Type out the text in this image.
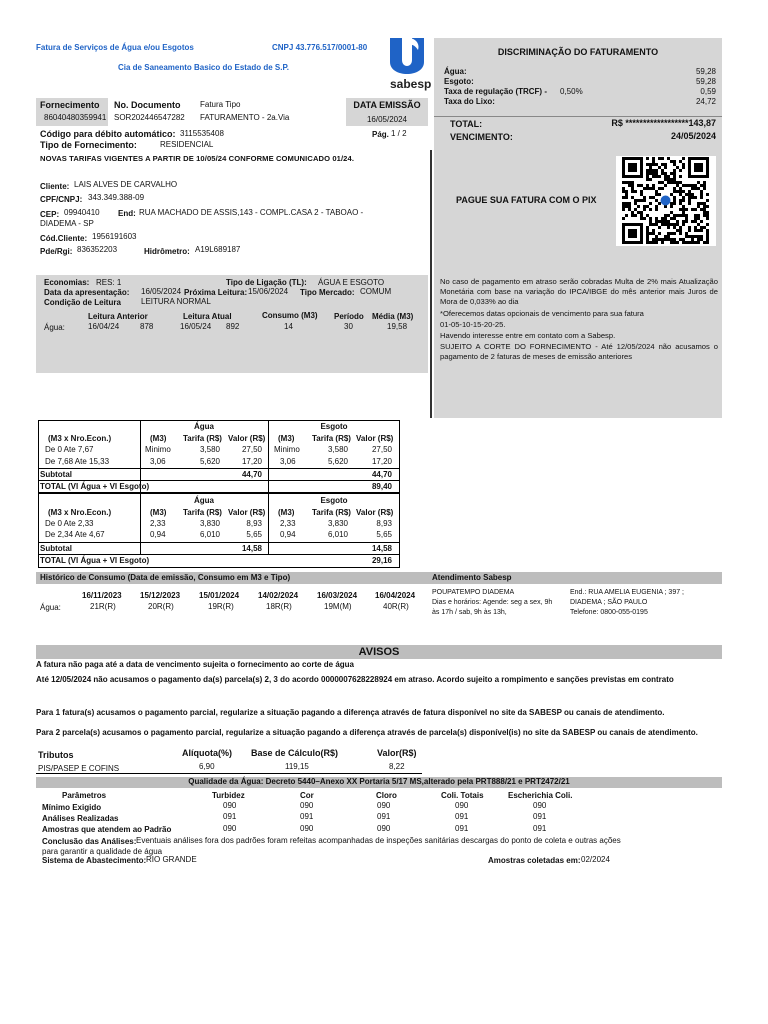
Fatura de Serviços de Água e/ou Esgotos	CNPJ 43.776.517/0001-80
Cia de Saneamento Basico do Estado de S.P.
sabesp
DISCRIMINAÇÃO DO FATURAMENTO
Água:	59,28
Esgoto:	59,28
Taxa de regulação (TRCF) - 0,50%	0,59
Taxa do Lixo:	24,72
TOTAL:	R$ ******************143,87
VENCIMENTO:	24/05/2024
PAGUE SUA FATURA COM O PIX
No caso de pagamento em atraso serão cobradas Multa de 2% mais Atualização Monetária com base na variação do IPCA/IBGE do mês anterior mais Juros de Mora de 0,033% ao dia
*Oferecemos datas opcionais de vencimento para sua fatura
01-05-10-15-20-25.
Havendo interesse entre em contato com a Sabesp.
SUJEITO A CORTE DO FORNECIMENTO - Até 12/05/2024 não acusamos o pagamento de 2 faturas de meses de emissão anteriores
Fornecimento
86040480359941
No. Documento
SOR202446547282
Fatura Tipo
FATURAMENTO - 2a.Via
DATA EMISSÃO
16/05/2024
Código para débito automático: 3115535408	Pág. 1 / 2
Tipo de Fornecimento:	RESIDENCIAL
NOVAS TARIFAS VIGENTES A PARTIR DE 10/05/24 CONFORME COMUNICADO 01/24.
Cliente: LAIS ALVES DE CARVALHO
CPF/CNPJ: 343.349.388-09
CEP: 09940410 End: RUA MACHADO DE ASSIS,143 - COMPL.CASA 2 - TABOAO -
DIADEMA - SP
Cód.Cliente: 1956191603
Pde/Rgi: 836352203	Hidrômetro: A19L689187
Economias: RES: 1	Tipo de Ligação (TL): ÁGUA E ESGOTO
Data da apresentação: 16/05/2024 Próxima Leitura: 15/06/2024 Tipo Mercado: COMUM
Condição de Leitura	LEITURA NORMAL
Leitura Anterior	Leitura Atual	Consumo (M3) Período Média (M3)
Água:	16/04/24	878	16/05/24 892	14	30	19,58
Água	Esgoto
(M3 x Nro.Econ.)	(M3) Tarifa (R$) Valor (R$) (M3) Tarifa (R$) Valor (R$)
De 0 Ate 7,67	Minimo	3,580	27,50 Minimo	3,580	27,50
De 7,68 Ate 15,33	3,06	5,620	17,20 3,06	5,620	17,20
Subtotal	44,70	44,70
TOTAL (Vl Água + Vl Esgoto)	89,40
Água	Esgoto
(M3 x Nro.Econ.)	(M3) Tarifa (R$) Valor (R$) (M3) Tarifa (R$) Valor (R$)
De 0 Ate 2,33	2,33	3,830	8,93 2,33	3,830	8,93
De 2,34 Ate 4,67	0,94	6,010	5,65 0,94	6,010	5,65
Subtotal	14,58	14,58
TOTAL (Vl Água + Vl Esgoto)	29,16
Histórico de Consumo (Data de emissão, Consumo em M3 e Tipo)	Atendimento Sabesp
Água:
16/11/2023 15/12/2023 15/01/2024 14/02/2024 16/03/2024 16/04/2024
21R(R)	20R(R)	19R(R)	18R(R)	19M(M)	40R(R)
POUPATEMPO DIADEMA
Dias e horários: Agende: seg a sex, 9h
às 17h / sab, 9h às 13h,
End.: RUA AMELIA EUGENIA ; 397 ;
DIADEMA ; SÃO PAULO
Telefone: 0800-055-0195
AVISOS
A fatura não paga até a data de vencimento sujeita o fornecimento ao corte de água
Até 12/05/2024 não acusamos o pagamento da(s) parcela(s) 2, 3 do acordo 0000007628228924 em atraso. Acordo sujeito a rompimento e sanções previstas em contrato
Para 1 fatura(s) acusamos o pagamento parcial, regularize a situação pagando a diferença através de fatura disponível no site da SABESP ou canais de atendimento.
Para 2 parcela(s) acusamos o pagamento parcial, regularize a situação pagando a diferença através de parcela(s) disponível(is) no site da SABESP ou canais de atendimento.
Tributos	Alíquota(%) Base de Cálculo(R$)	Valor(R$)
PIS/PASEP E COFINS	6,90	119,15	8,22
Qualidade da Água: Decreto 5440–Anexo XX Portaria 5/17 MS,alterado pela PRT888/21 e PRT2472/21
Parâmetros	Turbidez	Cor	Cloro	Coli. Totais	Escherichia Coli.
Mínimo Exigido	090	090	090	090	090
Análises Realizadas	091	091	091	091	091
Amostras que atendem ao Padrão	090	090	090	091	091
Conclusão das Análises: Eventuais análises fora dos padrões foram refeitas acompanhadas de inspeções sanitárias descargas do ponto de coleta e outras ações
para garantir a qualidade de água
Sistema de Abastecimento: RIO GRANDE	Amostras coletadas em: 02/2024
